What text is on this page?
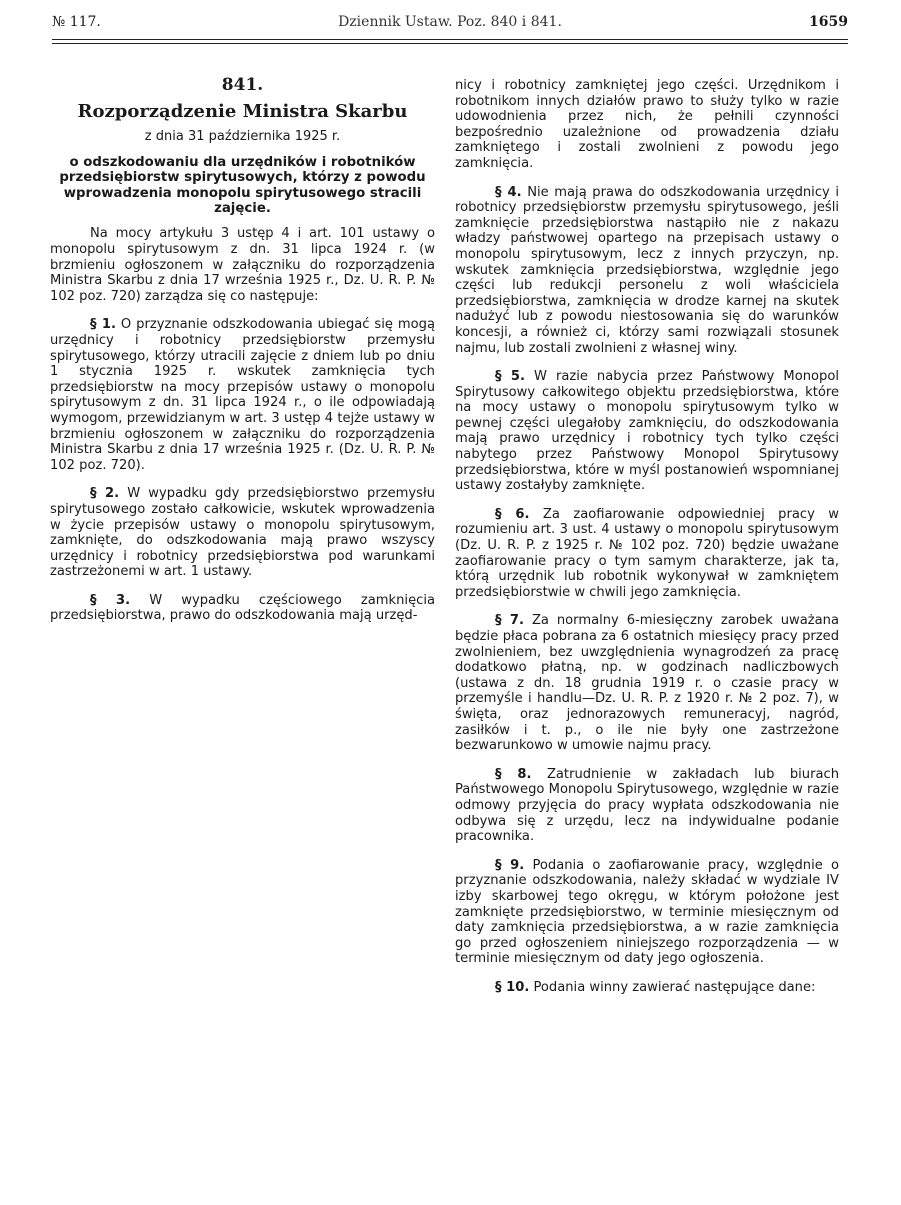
№ 117.	Dziennik Ustaw. Poz. 840 i 841.	1659
841.
Rozporządzenie Ministra Skarbu
z dnia 31 października 1925 r.
o odszkodowaniu dla urzędników i robotników przedsiębiorstw spirytusowych, którzy z powodu wprowadzenia monopolu spirytusowego stracili zajęcie.

Na mocy artykułu 3 ustęp 4 i art. 101 ustawy o monopolu spirytusowym z dn. 31 lipca 1924 r. (w brzmieniu ogłoszonem w załączniku do rozporządzenia Ministra Skarbu z dnia 17 września 1925 r., Dz. U. R. P. № 102 poz. 720) zarządza się co następuje:

§ 1. O przyznanie odszkodowania ubiegać się mogą urzędnicy i robotnicy przedsiębiorstw przemysłu spirytusowego, którzy utracili zajęcie z dniem lub po dniu 1 stycznia 1925 r. wskutek zamknięcia tych przedsiębiorstw na mocy przepisów ustawy o monopolu spirytusowym z dn. 31 lipca 1924 r., o ile odpowiadają wymogom, przewidzianym w art. 3 ustęp 4 tejże ustawy w brzmieniu ogłoszonem w załączniku do rozporządzenia Ministra Skarbu z dnia 17 września 1925 r. (Dz. U. R. P. № 102 poz. 720).

§ 2. W wypadku gdy przedsiębiorstwo przemysłu spirytusowego zostało całkowicie, wskutek wprowadzenia w życie przepisów ustawy o monopolu spirytusowym, zamknięte, do odszkodowania mają prawo wszyscy urzędnicy i robotnicy przedsiębiorstwa pod warunkami zastrzeżonemi w art. 1 ustawy.

§ 3. W wypadku częściowego zamknięcia przedsiębiorstwa, prawo do odszkodowania mają urzęd-

nicy i robotnicy zamkniętej jego części. Urzędnikom i robotnikom innych działów prawo to służy tylko w razie udowodnienia przez nich, że pełnili czynności bezpośrednio uzależnione od prowadzenia działu zamkniętego i zostali zwolnieni z powodu jego zamknięcia.

§ 4. Nie mają prawa do odszkodowania urzędnicy i robotnicy przedsiębiorstw przemysłu spirytusowego, jeśli zamknięcie przedsiębiorstwa nastąpiło nie z nakazu władzy państwowej opartego na przepisach ustawy o monopolu spirytusowym, lecz z innych przyczyn, np. wskutek zamknięcia przedsiębiorstwa, względnie jego części lub redukcji personelu z woli właściciela przedsiębiorstwa, zamknięcia w drodze karnej na skutek nadużyć lub z powodu niestosowania się do warunków koncesji, a również ci, którzy sami rozwiązali stosunek najmu, lub zostali zwolnieni z własnej winy.

§ 5. W razie nabycia przez Państwowy Monopol Spirytusowy całkowitego objektu przedsiębiorstwa, które na mocy ustawy o monopolu spirytusowym tylko w pewnej części ulegałoby zamknięciu, do odszkodowania mają prawo urzędnicy i robotnicy tych tylko części nabytego przez Państwowy Monopol Spirytusowy przedsiębiorstwa, które w myśl postanowień wspomnianej ustawy zostałyby zamknięte.

§ 6. Za zaofiarowanie odpowiedniej pracy w rozumieniu art. 3 ust. 4 ustawy o monopolu spirytusowym (Dz. U. R. P. z 1925 r. № 102 poz. 720) będzie uważane zaofiarowanie pracy o tym samym charakterze, jak ta, którą urzędnik lub robotnik wykonywał w zamkniętem przedsiębiorstwie w chwili jego zamknięcia.

§ 7. Za normalny 6-miesięczny zarobek uważana będzie płaca pobrana za 6 ostatnich miesięcy pracy przed zwolnieniem, bez uwzględnienia wynagrodzeń za pracę dodatkowo płatną, np. w godzinach nadliczbowych (ustawa z dn. 18 grudnia 1919 r. o czasie pracy w przemyśle i handlu—Dz. U. R. P. z 1920 r. № 2 poz. 7), w święta, oraz jednorazowych remuneracyj, nagród, zasiłków i t. p., o ile nie były one zastrzeżone bezwarunkowo w umowie najmu pracy.

§ 8. Zatrudnienie w zakładach lub biurach Państwowego Monopolu Spirytusowego, względnie w razie odmowy przyjęcia do pracy wypłata odszkodowania nie odbywa się z urzędu, lecz na indywidualne podanie pracownika.

§ 9. Podania o zaofiarowanie pracy, względnie o przyznanie odszkodowania, należy składać w wydziale IV izby skarbowej tego okręgu, w którym położone jest zamknięte przedsiębiorstwo, w terminie miesięcznym od daty zamknięcia przedsiębiorstwa, a w razie zamknięcia go przed ogłoszeniem niniejszego rozporządzenia — w terminie miesięcznym od daty jego ogłoszenia.

§ 10. Podania winny zawierać następujące dane:
